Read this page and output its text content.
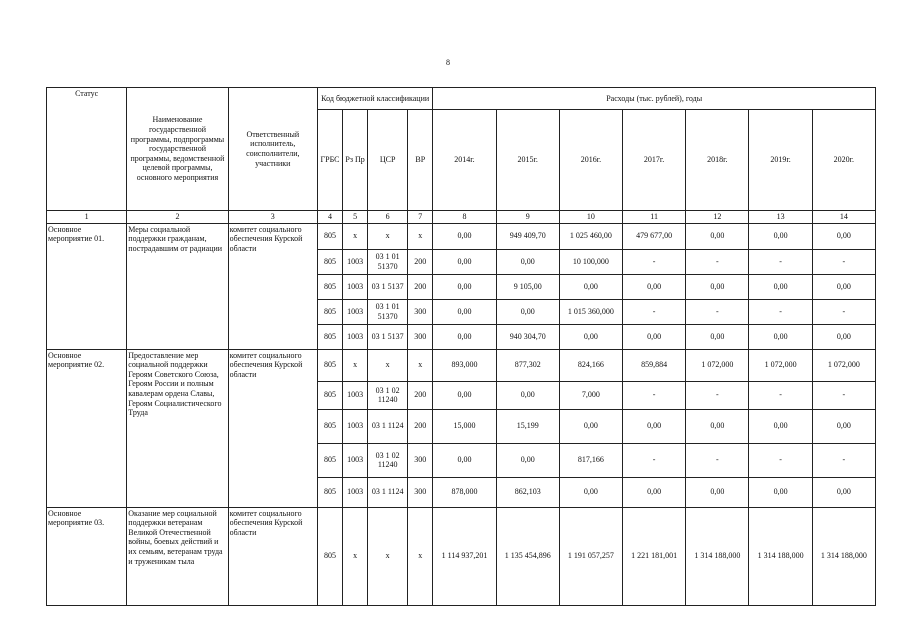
8
Статус	Наименование государственной программы, подпрограммы государственной программы, ведомственной целевой программы, основного мероприятия	Ответственный исполнитель, соисполнители, участники	Код бюджетной классификации				Расходы (тыс. рублей), годы						
			ГРБС	Рз Пр	ЦСР	ВР	2014г.	2015г.	2016г.	2017г.	2018г.	2019г.	2020г.
1	2	3	4	5	6	7	8	9	10	11	12	13	14
Основное мероприятие 01.	Меры социальной поддержки гражданам, пострадавшим от радиации	комитет социального обеспечения Курской области	805	х	х	х	0,00	949 409,70	1 025 460,00	479 677,00	0,00	0,00	0,00
			805	1003	03 1 01 51370	200	0,00	0,00	10 100,000	-	-	-	-
			805	1003	03 1 5137	200	0,00	9 105,00	0,00	0,00	0,00	0,00	0,00
			805	1003	03 1 01 51370	300	0,00	0,00	1 015 360,000	-	-	-	-
			805	1003	03 1 5137	300	0,00	940 304,70	0,00	0,00	0,00	0,00	0,00
Основное мероприятие 02.	Предоставление мер социальной поддержки Героям Советского Союза, Героям России и полным кавалерам ордена Славы, Героям Социалистического Труда	комитет социального обеспечения Курской области	805	х	х	х	893,000	877,302	824,166	859,884	1 072,000	1 072,000	1 072,000
			805	1003	03 1 02 11240	200	0,00	0,00	7,000	-	-	-	-
			805	1003	03 1 1124	200	15,000	15,199	0,00	0,00	0,00	0,00	0,00
			805	1003	03 1 02 11240	300	0,00	0,00	817,166	-	-	-	-
			805	1003	03 1 1124	300	878,000	862,103	0,00	0,00	0,00	0,00	0,00
Основное мероприятие 03.	Оказание мер социальной поддержки ветеранам Великой Отечественной войны, боевых действий и их семьям, ветеранам труда и труженикам тыла	комитет социального обеспечения Курской области	805	х	х	х	1 114 937,201	1 135 454,896	1 191 057,257	1 221 181,001	1 314 188,000	1 314 188,000	1 314 188,000
